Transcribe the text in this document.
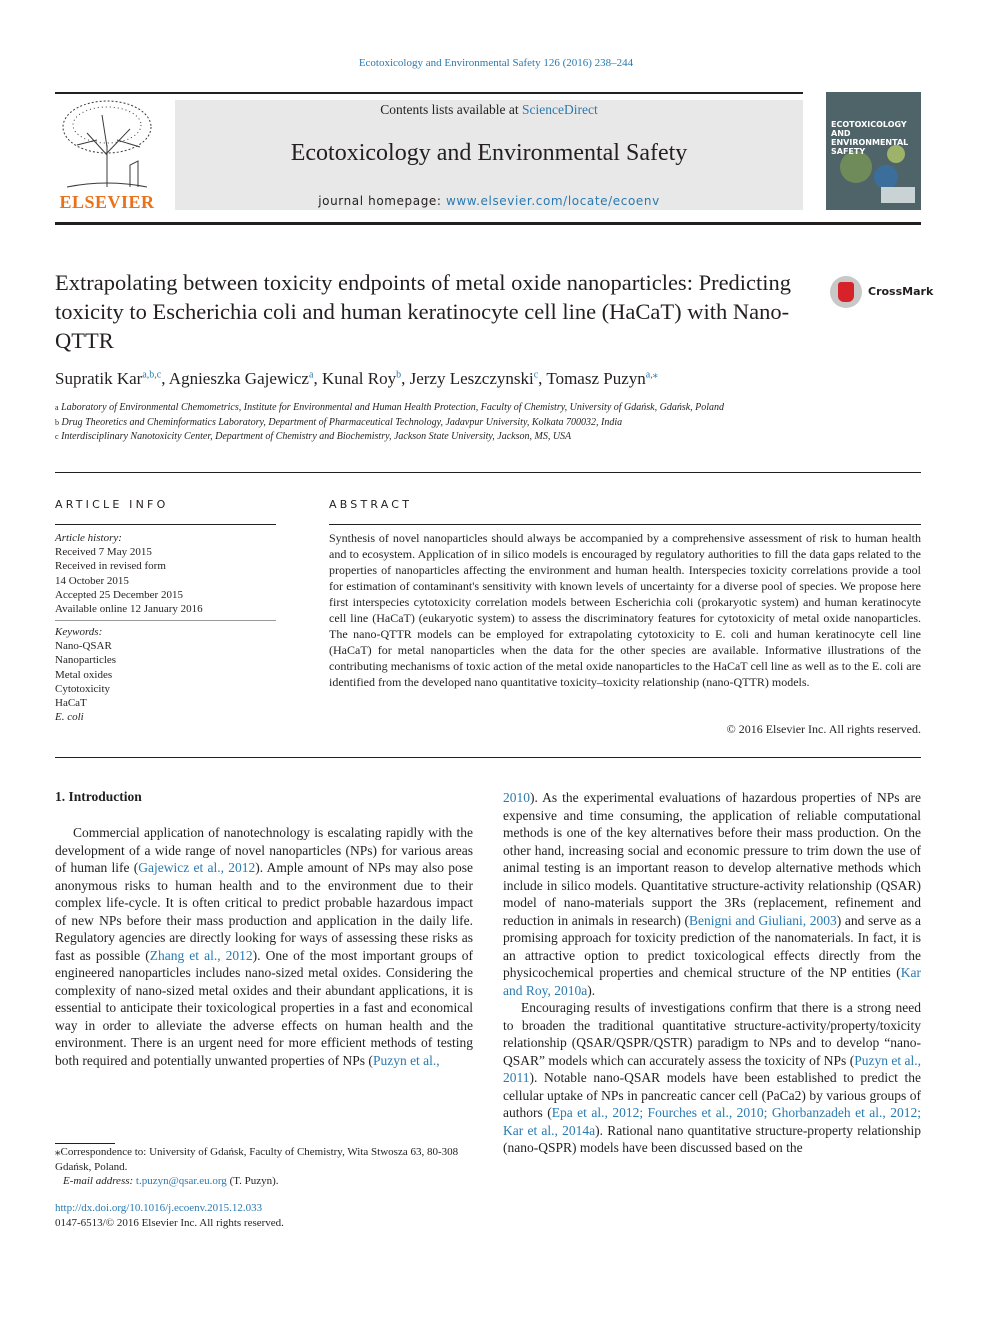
Ecotoxicology and Environmental Safety 126 (2016) 238–244
ELSEVIER
Contents lists available at ScienceDirect
Ecotoxicology and Environmental Safety
journal homepage: www.elsevier.com/locate/ecoenv
ECOTOXICOLOGY AND ENVIRONMENTAL SAFETY
Extrapolating between toxicity endpoints of metal oxide nanoparticles: Predicting toxicity to Escherichia coli and human keratinocyte cell line (HaCaT) with Nano-QTTR
CrossMark
Supratik Kar$^{a,b,c}$, Agnieszka Gajewicz$^a$, Kunal Roy$^b$, Jerzy Leszczynski$^c$, Tomasz Puzyn$^{a,⁎}$
$^a$ Laboratory of Environmental Chemometrics, Institute for Environmental and Human Health Protection, Faculty of Chemistry, University of Gdańsk, Gdańsk, Poland
$^b$ Drug Theoretics and Cheminformatics Laboratory, Department of Pharmaceutical Technology, Jadavpur University, Kolkata 700032, India
$^c$ Interdisciplinary Nanotoxicity Center, Department of Chemistry and Biochemistry, Jackson State University, Jackson, MS, USA
ARTICLE INFO	ABSTRACT
Article history:
Received 7 May 2015
Received in revised form
14 October 2015
Accepted 25 December 2015
Available online 12 January 2016
Keywords:
Nano-QSAR
Nanoparticles
Metal oxides
Cytotoxicity
HaCaT
E. coli
Synthesis of novel nanoparticles should always be accompanied by a comprehensive assessment of risk to human health and to ecosystem. Application of in silico models is encouraged by regulatory authorities to fill the data gaps related to the properties of nanoparticles affecting the environment and human health. Interspecies toxicity correlations provide a tool for estimation of contaminant's sensitivity with known levels of uncertainty for a diverse pool of species. We propose here first interspecies cytotoxicity correlation models between Escherichia coli (prokaryotic system) and human keratinocyte cell line (HaCaT) (eukaryotic system) to assess the discriminatory features for cytotoxicity of metal oxide nanoparticles. The nano-QTTR models can be employed for extrapolating cytotoxicity to E. coli and human keratinocyte cell line (HaCaT) for metal nanoparticles when the data for the other species are available. Informative illustrations of the contributing mechanisms of toxic action of the metal oxide nanoparticles to the HaCaT cell line as well as to the E. coli are identified from the developed nano quantitative toxicity–toxicity relationship (nano-QTTR) models.
© 2016 Elsevier Inc. All rights reserved.
1. Introduction
Commercial application of nanotechnology is escalating rapidly with the development of a wide range of novel nanoparticles (NPs) for various areas of human life (Gajewicz et al., 2012). Ample amount of NPs may also pose anonymous risks to human health and to the environment due to their complex life-cycle. It is often critical to predict probable hazardous impact of new NPs before their mass production and application in the daily life. Regulatory agencies are directly looking for ways of assessing these risks as fast as possible (Zhang et al., 2012). One of the most important groups of engineered nanoparticles includes nano-sized metal oxides. Considering the complexity of nano-sized metal oxides and their abundant applications, it is essential to anticipate their toxicological properties in a fast and economical way in order to alleviate the adverse effects on human health and the environment. There is an urgent need for more efficient methods of testing both required and potentially unwanted properties of NPs (Puzyn et al.,
2010). As the experimental evaluations of hazardous properties of NPs are expensive and time consuming, the application of reliable computational methods is one of the key alternatives before their mass production. On the other hand, increasing social and economic pressure to trim down the use of animal testing is an important reason to develop alternative methods which include in silico models. Quantitative structure-activity relationship (QSAR) model of nano-materials support the 3Rs (replacement, refinement and reduction in animals in research) (Benigni and Giuliani, 2003) and serve as a promising approach for toxicity prediction of the nanomaterials. In fact, it is an attractive option to predict toxicological effects directly from the physicochemical properties and chemical structure of the NP entities (Kar and Roy, 2010a).
Encouraging results of investigations confirm that there is a strong need to broaden the traditional quantitative structure-activity/property/toxicity relationship (QSAR/QSPR/QSTR) paradigm to NPs and to develop “nano-QSAR” models which can accurately assess the toxicity of NPs (Puzyn et al., 2011). Notable nano-QSAR models have been established to predict the cellular uptake of NPs in pancreatic cancer cell (PaCa2) by various groups of authors (Epa et al., 2012; Fourches et al., 2010; Ghorbanzadeh et al., 2012; Kar et al., 2014a). Rational nano quantitative structure-property relationship (nano-QSPR) models have been discussed based on the
⁎Correspondence to: University of Gdańsk, Faculty of Chemistry, Wita Stwosza 63, 80-308 Gdańsk, Poland.
E-mail address: t.puzyn@qsar.eu.org (T. Puzyn).
http://dx.doi.org/10.1016/j.ecoenv.2015.12.033
0147-6513/© 2016 Elsevier Inc. All rights reserved.
